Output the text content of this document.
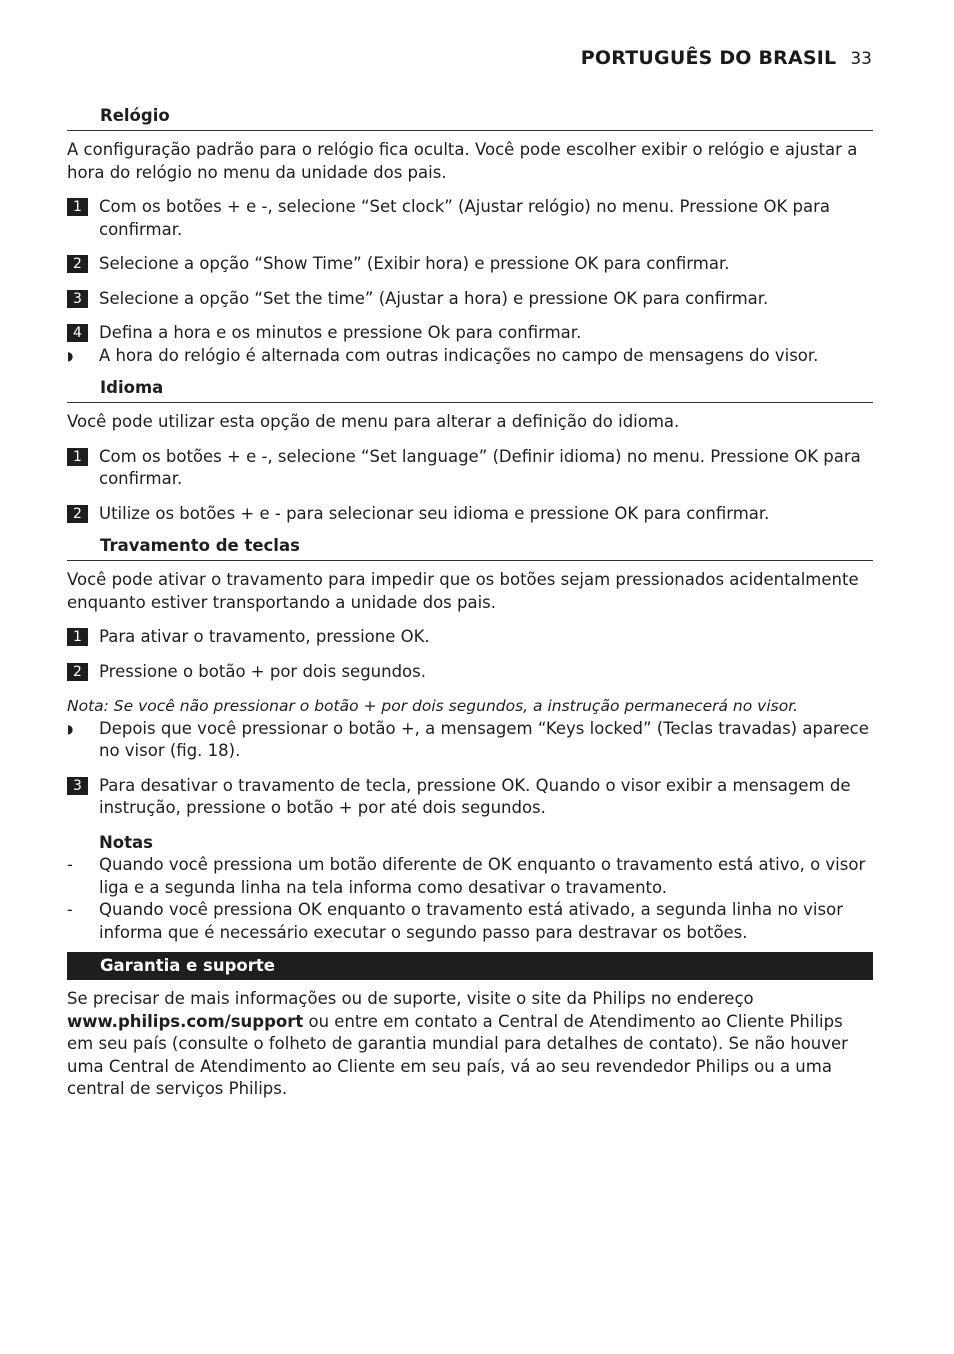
PORTUGUÊS DO BRASIL 33
Relógio

A configuração padrão para o relógio fica oculta. Você pode escolher exibir o relógio e ajustar a hora do relógio no menu da unidade dos pais.

1	Com os botões + e -, selecione “Set clock” (Ajustar relógio) no menu. Pressione OK para confirmar.
2	Selecione a opção “Show Time” (Exibir hora) e pressione OK para confirmar.
3	Selecione a opção “Set the time” (Ajustar a hora) e pressione OK para confirmar.
4	Defina a hora e os minutos e pressione Ok para confirmar.
◗	A hora do relógio é alternada com outras indicações no campo de mensagens do visor.
Idioma

Você pode utilizar esta opção de menu para alterar a definição do idioma.

1	Com os botões + e -, selecione “Set language” (Definir idioma) no menu. Pressione OK para confirmar.
2	Utilize os botões + e - para selecionar seu idioma e pressione OK para confirmar.
Travamento de teclas

Você pode ativar o travamento para impedir que os botões sejam pressionados acidentalmente enquanto estiver transportando a unidade dos pais.

1	Para ativar o travamento, pressione OK.
2	Pressione o botão + por dois segundos.

Nota: Se você não pressionar o botão + por dois segundos, a instrução permanecerá no visor.

◗	Depois que você pressionar o botão +, a mensagem “Keys locked” (Teclas travadas) aparece no visor (fig. 18).
3	Para desativar o travamento de tecla, pressione OK. Quando o visor exibir a mensagem de instrução, pressione o botão + por até dois segundos.
Notas
-	Quando você pressiona um botão diferente de OK enquanto o travamento está ativo, o visor liga e a segunda linha na tela informa como desativar o travamento.
-	Quando você pressiona OK enquanto o travamento está ativado, a segunda linha no visor informa que é necessário executar o segundo passo para destravar os botões.
Garantia e suporte

Se precisar de mais informações ou de suporte, visite o site da Philips no endereço www.philips.com/support ou entre em contato a Central de Atendimento ao Cliente Philips em seu país (consulte o folheto de garantia mundial para detalhes de contato). Se não houver uma Central de Atendimento ao Cliente em seu país, vá ao seu revendedor Philips ou a uma central de serviços Philips.
